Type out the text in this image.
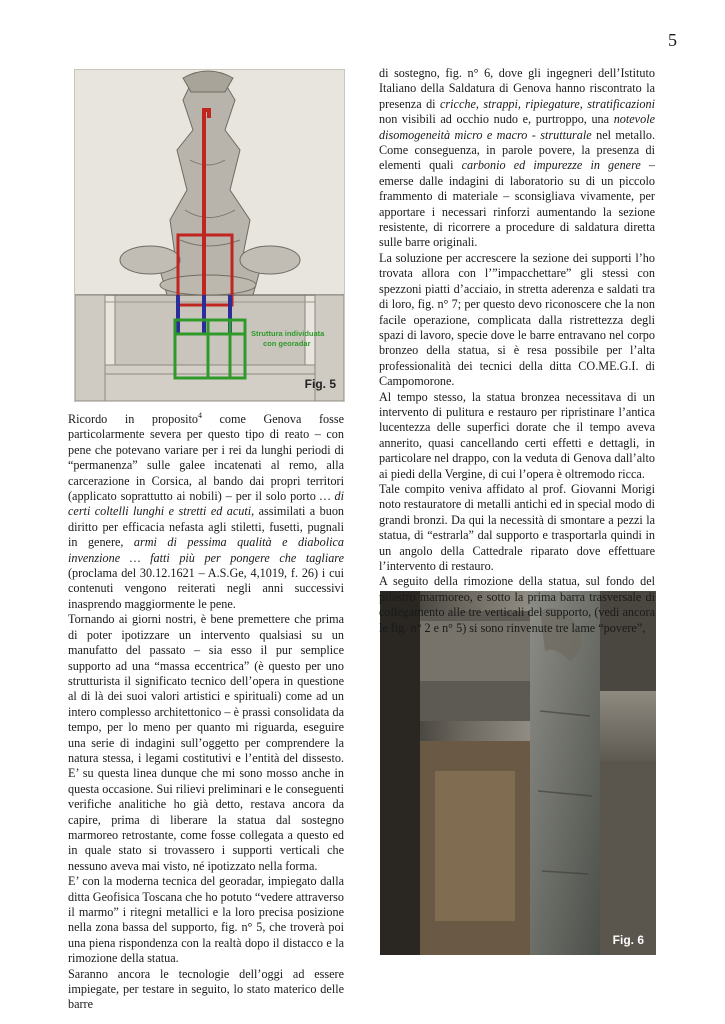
5
Struttura individuata
con georadar
Fig. 5
Fig. 6

Ricordo in proposito$^4$ come Genova fosse particolarmente severa per questo tipo di reato – con pene che potevano variare per i rei da lunghi periodi di “permanenza” sulle galee incatenati al remo, alla carcerazione in Corsica, al bando dai propri territori (applicato soprattutto ai nobili) – per il solo porto … di certi coltelli lunghi e stretti ed acuti, assimilati a buon diritto per efficacia nefasta agli stiletti, fusetti, pugnali in genere, armi di pessima qualità e diabolica invenzione … fatti più per pongere che tagliare (proclama del 30.12.1621 – A.S.Ge, 4,1019, f. 26) i cui contenuti vengono reiterati negli anni successivi inasprendo maggiormente le pene.

Tornando ai giorni nostri, è bene premettere che prima di poter ipotizzare un intervento qualsiasi su un manufatto del passato – sia esso il pur semplice supporto ad una “massa eccentrica” (è questo per uno strutturista il significato tecnico dell’opera in questione al di là dei suoi valori artistici e spirituali) come ad un intero complesso architettonico – è prassi consolidata da tempo, per lo meno per quanto mi riguarda, eseguire una serie di indagini sull’oggetto per comprendere la natura stessa, i legami costitutivi e l’entità del dissesto. E’ su questa linea dunque che mi sono mosso anche in questa occasione. Sui rilievi preliminari e le conseguenti verifiche analitiche ho già detto, restava ancora da capire, prima di liberare la statua dal sostegno marmoreo retrostante, come fosse collegata a questo ed in quale stato si trovassero i supporti verticali che nessuno aveva mai visto, né ipotizzato nella forma.

E’ con la moderna tecnica del georadar, impiegato dalla ditta Geofisica Toscana che ho potuto “vedere attraverso il marmo” i ritegni metallici e la loro precisa posizione nella zona bassa del supporto, fig. n° 5, che troverà poi una piena rispondenza con la realtà dopo il distacco e la rimozione della statua.

Saranno ancora le tecnologie dell’oggi ad essere impiegate, per testare in seguito, lo stato materico delle barre

di sostegno, fig. n° 6, dove gli ingegneri dell’Istituto Italiano della Saldatura di Genova hanno riscontrato la presenza di cricche, strappi, ripiegature, stratificazioni non visibili ad occhio nudo e, purtroppo, una notevole disomogeneità micro e macro - strutturale nel metallo. Come conseguenza, in parole povere, la presenza di elementi quali carbonio ed impurezze in genere – emerse dalle indagini di laboratorio su di un piccolo frammento di materiale – sconsigliava vivamente, per apportare i necessari rinforzi aumentando la sezione resistente, di ricorrere a procedure di saldatura diretta sulle barre originali.

La soluzione per accrescere la sezione dei supporti l’ho trovata allora con l’”impacchettare” gli stessi con spezzoni piatti d’acciaio, in stretta aderenza e saldati tra di loro, fig. n° 7; per questo devo riconoscere che la non facile operazione, complicata dalla ristrettezza degli spazi di lavoro, specie dove le barre entravano nel corpo bronzeo della statua, si è resa possibile per l’alta professionalità dei tecnici della ditta CO.ME.G.I. di Campomorone.

Al tempo stesso, la statua bronzea necessitava di un intervento di pulitura e restauro per ripristinare l’antica lucentezza delle superfici dorate che il tempo aveva annerito, quasi cancellando certi effetti e dettagli, in particolare nel drappo, con la veduta di Genova dall’alto ai piedi della Vergine, di cui l’opera è oltremodo ricca.

Tale compito veniva affidato al prof. Giovanni Morigi noto restauratore di metalli antichi ed in special modo di grandi bronzi. Da qui la necessità di smontare a pezzi la statua, di “estrarla” dal supporto e trasportarla quindi in un angolo della Cattedrale riparato dove effettuare l’intervento di restauro.

A seguito della rimozione della statua, sul fondo del pilastro marmoreo, e sotto la prima barra trasversale di collegamento alle tre verticali del supporto, (vedi ancora le fig. n° 2 e n° 5) si sono rinvenute tre lame “povere”,
